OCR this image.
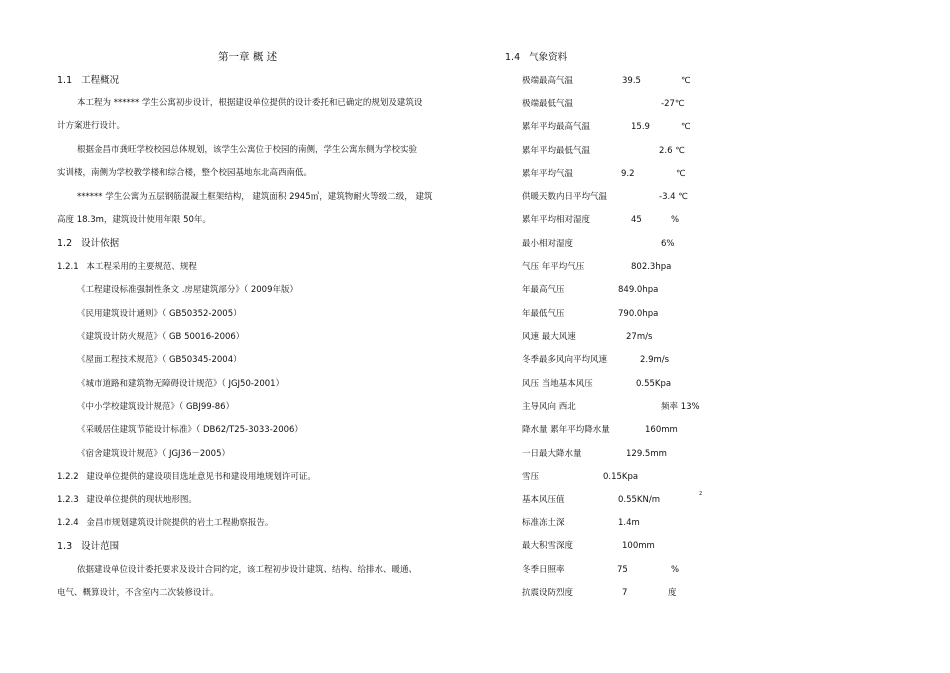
第一章 概 述
1.1 工程概况
本工程为 ****** 学生公寓初步设计，根据建设单位提供的设计委托和已确定的规划及建筑设
计方案进行设计。
根据金昌市龚旺学校校园总体规划，该学生公寓位于校园的南侧，学生公寓东侧为学校实验
实训楼，南侧为学校教学楼和综合楼，整个校园基地东北高西南低。
****** 学生公寓为五层钢筋混凝土框架结构， 建筑面积 2945㎡，建筑物耐火等级二级， 建筑
高度 18.3m，建筑设计使用年限 50年。
1.2 设计依据
1.2.1 本工程采用的主要规范、规程
《工程建设标准强制性条文 .房屋建筑部分》（ 2009年版）
《民用建筑设计通则》（ GB50352-2005）
《建筑设计防火规范》（ GB 50016-2006）
《屋面工程技术规范》（ GB50345-2004）
《城市道路和建筑物无障碍设计规范》（ JGJ50-2001）
《中小学校建筑设计规范》（ GBJ99-86）
《采暖居住建筑节能设计标准》（ DB62/T25-3033-2006）
《宿舍建筑设计规范》（ JGJ36－2005）
1.2.2 建设单位提供的建设项目选址意见书和建设用地规划许可证。
1.2.3 建设单位提供的现状地形图。
1.2.4 金昌市规划建筑设计院提供的岩土工程勘察报告。
1.3 设计范围
依据建设单位设计委托要求及设计合同约定，该工程初步设计建筑、结构、给排水、暖通、
电气、概算设计，不含室内二次装修设计。
1.4 气象资料
极端最高气温	39.5	℃
极端最低气温	-27℃
累年平均最高气温	15.9	℃
累年平均最低气温	2.6 ℃
累年平均气温	9.2	℃
供暖天数内日平均气温	-3.4 ℃
累年平均相对湿度	45	%
最小相对湿度	6%
气压 年平均气压	802.3hpa
年最高气压	849.0hpa
年最低气压	790.0hpa
风速 最大风速	27m/s
冬季最多风向平均风速	2.9m/s
风压 当地基本风压	0.55Kpa
主导风向 西北	频率 13%
降水量 累年平均降水量	160mm
一日最大降水量	129.5mm
雪压	0.15Kpa
基本风压值	0.55KN/m
2
标准冻土深	1.4m
最大积雪深度	100mm
冬季日照率	75	%
抗震设防烈度	7	度
